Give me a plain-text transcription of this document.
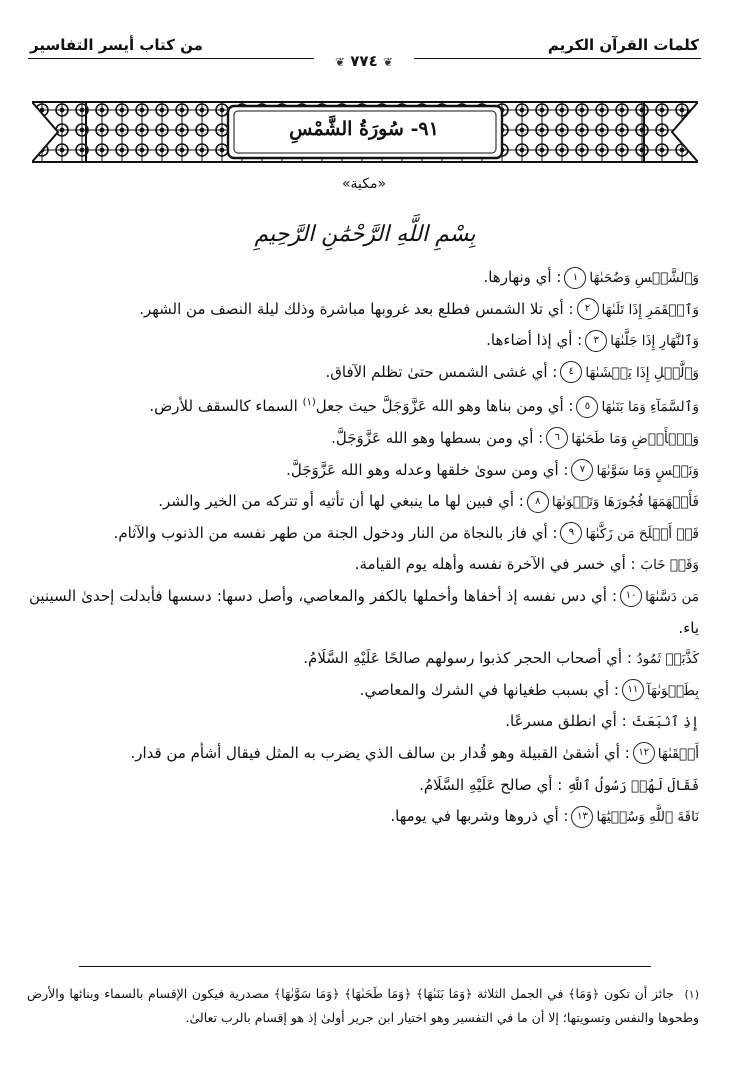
كلمات القرآن الكريم
من كتاب أيسر التفاسير
❦ ٧٧٤ ❦
٩١- سُورَةُ الشَّمْسِ
«مكية»
بِسْمِ اللَّهِ الرَّحْمَٰنِ الرَّحِيمِ
وَٱلشَّمۡسِ وَضُحَىٰهَا١: أي ونهارها.
وَٱلۡقَمَرِ إِذَا تَلَىٰهَا٢: أي تلا الشمس فطلع بعد غروبها مباشرة وذلك ليلة النصف من الشهر.
وَٱلنَّهَارِ إِذَا جَلَّىٰهَا٣: أي إذا أضاءها.
وَٱلَّيۡلِ إِذَا يَغۡشَىٰهَا٤: أي غشى الشمس حتىٰ تظلم الآفاق.
وَٱلسَّمَآءِ وَمَا بَنَىٰهَا٥: أي ومن بناها وهو الله عَزَّوَجَلَّ حيث جعل$^{(١)}$ السماء كالسقف للأرض.
وَٱلۡأَرۡضِ وَمَا طَحَىٰهَا٦: أي ومن بسطها وهو الله عَزَّوَجَلَّ.
وَنَفۡسٍ وَمَا سَوَّىٰهَا٧: أي ومن سوىٰ خلقها وعدله وهو الله عَزَّوَجَلَّ.
فَأَلۡهَمَهَا فُجُورَهَا وَتَقۡوَىٰهَا٨: أي فبين لها ما ينبغي لها أن تأتيه أو تتركه من الخير والشر.
قَدۡ أَفۡلَحَ مَن زَكَّىٰهَا٩: أي فاز بالنجاة من النار ودخول الجنة من طهر نفسه من الذنوب والآثام.
وَقَدۡ خَابَ : أي خسر في الآخرة نفسه وأهله يوم القيامة.
مَن دَسَّىٰهَا١٠: أي دس نفسه إذ أخفاها وأخملها بالكفر والمعاصي، وأصل دسها: دسسها فأبدلت إحدىٰ السينين ياء.
كَذَّبَتۡ ثَمُودُ : أي أصحاب الحجر كذبوا رسولهم صالحًا عَلَيْهِ السَّلَامُ.
بِطَغۡوَىٰهَآ١١: أي بسبب طغيانها في الشرك والمعاصي.
إِذِ ٱنۢبَعَثَ : أي انطلق مسرعًا.
أَشۡقَىٰهَا١٢: أي أشقىٰ القبيلة وهو قُدار بن سالف الذي يضرب به المثل فيقال أشأم من قدار.
فَقَالَ لَهُمۡ رَسُولُ ٱللَّهِ : أي صالح عَلَيْهِ السَّلَامُ.
نَاقَةَ ٱللَّهِ وَسُقۡيَٰهَا١٣: أي ذروها وشربها في يومها.
(١) جائز أن تكون ﴿وَمَا﴾ في الجمل الثلاثة ﴿وَمَا بَنَىٰهَا﴾ ﴿وَمَا طَحَىٰهَا﴾ ﴿وَمَا سَوَّىٰهَا﴾ مصدرية فيكون الإقسام بالسماء وبنائها والأرض وطحوها والنفس وتسويتها؛ إلا أن ما في التفسير وهو اختيار ابن جرير أولىٰ إذ هو إقسام بالرب تعالىٰ.
